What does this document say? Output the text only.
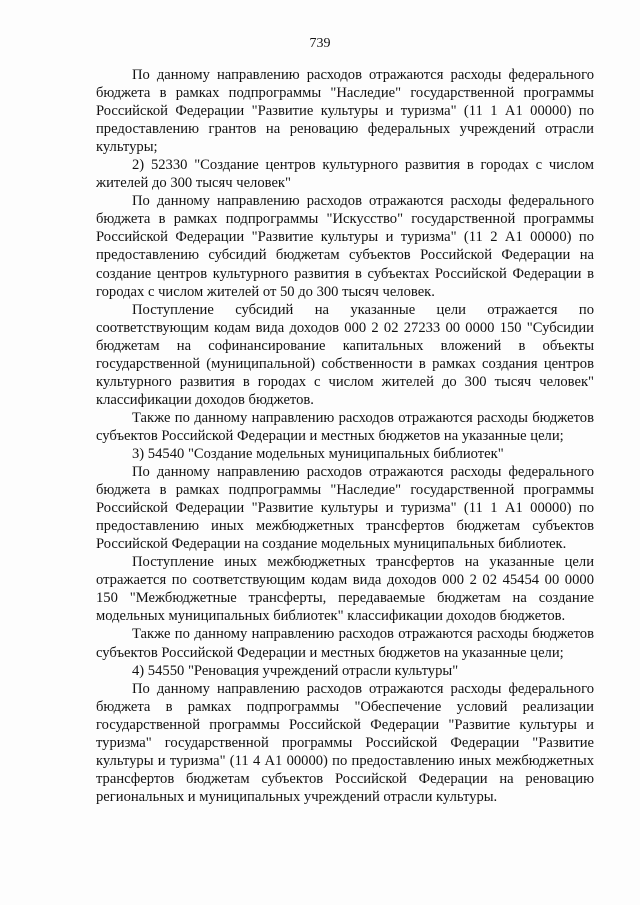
739

По данному направлению расходов отражаются расходы федерального бюджета в рамках подпрограммы "Наследие" государственной программы Российской Федерации "Развитие культуры и туризма" (11 1 А1 00000) по предоставлению грантов на реновацию федеральных учреждений отрасли культуры;

2) 52330 "Создание центров культурного развития в городах с числом жителей до 300 тысяч человек"

По данному направлению расходов отражаются расходы федерального бюджета в рамках подпрограммы "Искусство" государственной программы Российской Федерации "Развитие культуры и туризма" (11 2 А1 00000) по предоставлению субсидий бюджетам субъектов Российской Федерации на создание центров культурного развития в субъектах Российской Федерации в городах с числом жителей от 50 до 300 тысяч человек.

Поступление субсидий на указанные цели отражается по соответствующим кодам вида доходов 000 2 02 27233 00 0000 150 "Субсидии бюджетам на софинансирование капитальных вложений в объекты государственной (муниципальной) собственности в рамках создания центров культурного развития в городах с числом жителей до 300 тысяч человек" классификации доходов бюджетов.

Также по данному направлению расходов отражаются расходы бюджетов субъектов Российской Федерации и местных бюджетов на указанные цели;

3) 54540 "Создание модельных муниципальных библиотек"

По данному направлению расходов отражаются расходы федерального бюджета в рамках подпрограммы "Наследие" государственной программы Российской Федерации "Развитие культуры и туризма" (11 1 А1 00000) по предоставлению иных межбюджетных трансфертов бюджетам субъектов Российской Федерации на создание модельных муниципальных библиотек.

Поступление иных межбюджетных трансфертов на указанные цели отражается по соответствующим кодам вида доходов 000 2 02 45454 00 0000 150 "Межбюджетные трансферты, передаваемые бюджетам на создание модельных муниципальных библиотек" классификации доходов бюджетов.

Также по данному направлению расходов отражаются расходы бюджетов субъектов Российской Федерации и местных бюджетов на указанные цели;

4) 54550 "Реновация учреждений отрасли культуры"

По данному направлению расходов отражаются расходы федерального бюджета в рамках подпрограммы "Обеспечение условий реализации государственной программы Российской Федерации "Развитие культуры и туризма" государственной программы Российской Федерации "Развитие культуры и туризма" (11 4 А1 00000) по предоставлению иных межбюджетных трансфертов бюджетам субъектов Российской Федерации на реновацию региональных и муниципальных учреждений отрасли культуры.
